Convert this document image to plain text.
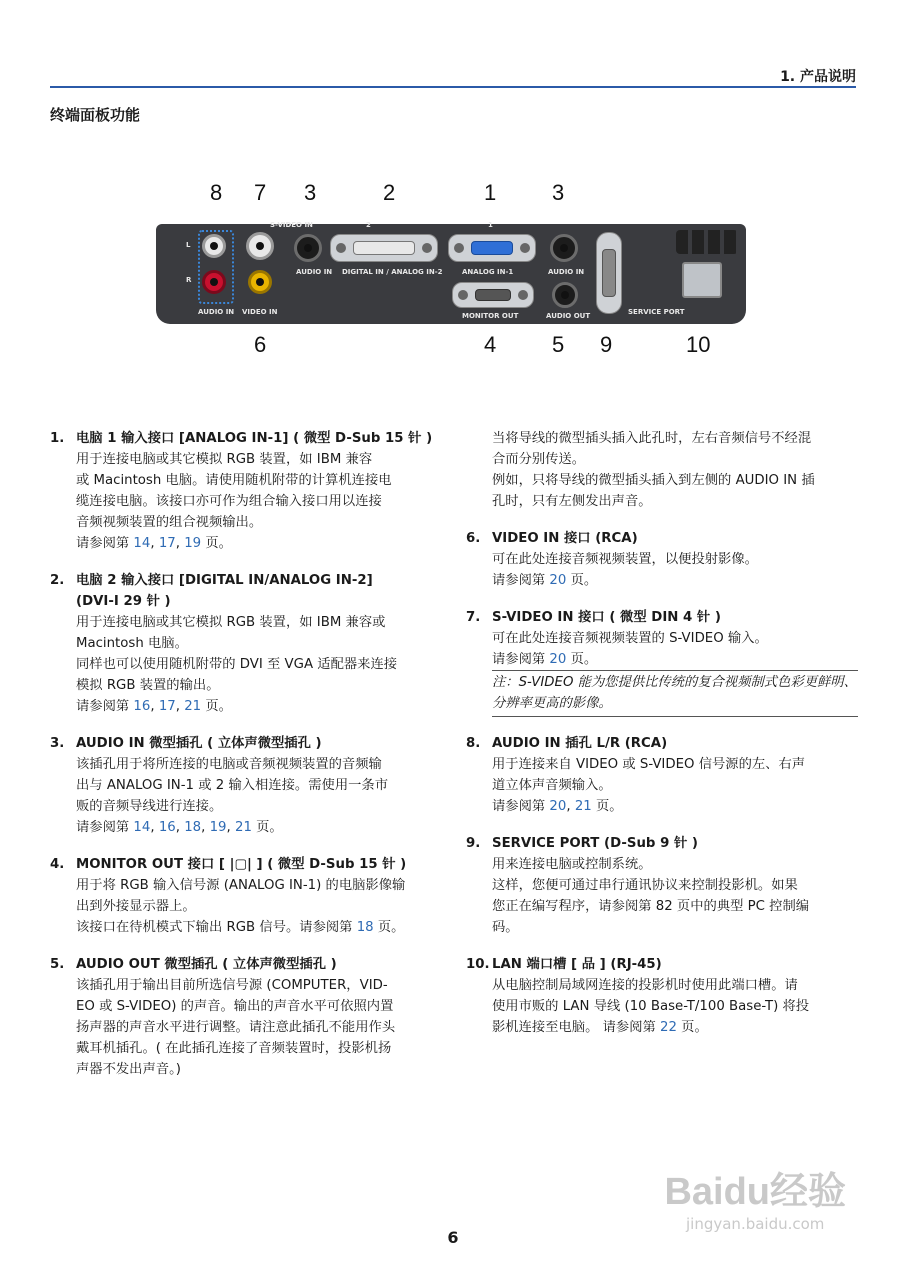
1. 产品说明
终端面板功能
8 7 3	2	1	3
L
R
AUDIO IN VIDEO IN
S-VIDEO IN
AUDIO IN
2
DIGITAL IN / ANALOG IN-2
1
ANALOG IN-1	AUDIO IN
MONITOR OUT	AUDIO OUT	SERVICE PORT
6	4	5 9	10
1. 电脑 1 输入接口 [ANALOG IN-1] ( 微型 D-Sub 15 针 )
用于连接电脑或其它模拟 RGB 装置，如 IBM 兼容
或 Macintosh 电脑。请使用随机附带的计算机连接电
缆连接电脑。该接口亦可作为组合输入接口用以连接
音频视频装置的组合视频输出。
请参阅第 14, 17, 19 页。
2. 电脑 2 输入接口 [DIGITAL IN/ANALOG IN-2]
(DVI-I 29 针 )
用于连接电脑或其它模拟 RGB 装置，如 IBM 兼容或
Macintosh 电脑。
同样也可以使用随机附带的 DVI 至 VGA 适配器来连接
模拟 RGB 装置的输出。
请参阅第 16, 17, 21 页。
3. AUDIO IN 微型插孔 ( 立体声微型插孔 )
该插孔用于将所连接的电脑或音频视频装置的音频输
出与 ANALOG IN-1 或 2 输入相连接。需使用一条市
贩的音频导线进行连接。
请参阅第 14, 16, 18, 19, 21 页。
4. MONITOR OUT 接口 [ |▢| ] ( 微型 D-Sub 15 针 )
用于将 RGB 输入信号源 (ANALOG IN-1) 的电脑影像输
出到外接显示器上。
该接口在待机模式下输出 RGB 信号。请参阅第 18 页。
5. AUDIO OUT 微型插孔 ( 立体声微型插孔 )
该插孔用于输出目前所选信号源 (COMPUTER，VID-
EO 或 S-VIDEO) 的声音。输出的声音水平可依照内置
扬声器的声音水平进行调整。请注意此插孔不能用作头
戴耳机插孔。( 在此插孔连接了音频装置时，投影机扬
声器不发出声音。)
当将导线的微型插头插入此孔时，左右音频信号不经混
合而分别传送。
例如，只将导线的微型插头插入到左侧的 AUDIO IN 插
孔时，只有左侧发出声音。
6. VIDEO IN 接口 (RCA)
可在此处连接音频视频装置，以便投射影像。
请参阅第 20 页。
7. S-VIDEO IN 接口 ( 微型 DIN 4 针 )
可在此处连接音频视频装置的 S-VIDEO 输入。
请参阅第 20 页。
注：S-VIDEO 能为您提供比传统的复合视频制式色彩更鲜明、分辨率更高的影像。
8. AUDIO IN 插孔 L/R (RCA)
用于连接来自 VIDEO 或 S-VIDEO 信号源的左、右声
道立体声音频输入。
请参阅第 20, 21 页。
9. SERVICE PORT (D-Sub 9 针 )
用来连接电脑或控制系统。
这样，您便可通过串行通讯协议来控制投影机。如果
您正在编写程序，请参阅第 82 页中的典型 PC 控制编
码。
10. LAN 端口槽 [ 品 ] (RJ-45)
从电脑控制局域网连接的投影机时使用此端口槽。请
使用市贩的 LAN 导线 (10 Base-T/100 Base-T) 将投
影机连接至电脑。 请参阅第 22 页。
Baidu经验
jingyan.baidu.com
6
